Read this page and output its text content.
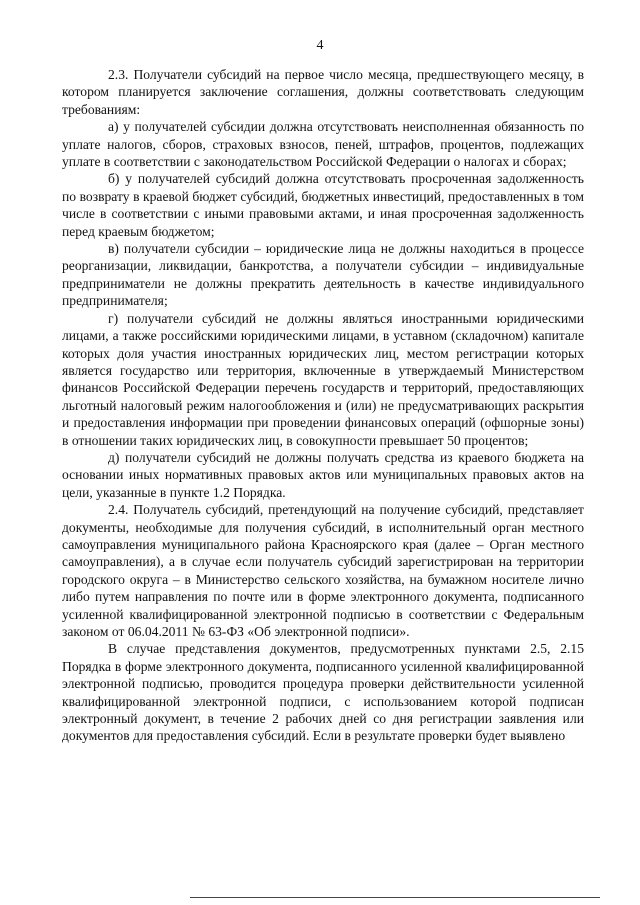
4

2.3. Получатели субсидий на первое число месяца, предшествующего месяцу, в котором планируется заключение соглашения, должны соответствовать следующим требованиям:

а) у получателей субсидии должна отсутствовать неисполненная обязанность по уплате налогов, сборов, страховых взносов, пеней, штрафов, процентов, подлежащих уплате в соответствии с законодательством Российской Федерации о налогах и сборах;

б) у получателей субсидий должна отсутствовать просроченная задолженность по возврату в краевой бюджет субсидий, бюджетных инвестиций, предоставленных в том числе в соответствии с иными правовыми актами, и иная просроченная задолженность перед краевым бюджетом;

в) получатели субсидии – юридические лица не должны находиться в процессе реорганизации, ликвидации, банкротства, а получатели субсидии – индивидуальные предприниматели не должны прекратить деятельность в качестве индивидуального предпринимателя;

г) получатели субсидий не должны являться иностранными юридическими лицами, а также российскими юридическими лицами, в уставном (складочном) капитале которых доля участия иностранных юридических лиц, местом регистрации которых является государство или территория, включенные в утверждаемый Министерством финансов Российской Федерации перечень государств и территорий, предоставляющих льготный налоговый режим налогообложения и (или) не предусматривающих раскрытия и предоставления информации при проведении финансовых операций (офшорные зоны) в отношении таких юридических лиц, в совокупности превышает 50 процентов;

д) получатели субсидий не должны получать средства из краевого бюджета на основании иных нормативных правовых актов или муниципальных правовых актов на цели, указанные в пункте 1.2 Порядка.

2.4. Получатель субсидий, претендующий на получение субсидий, представляет документы, необходимые для получения субсидий, в исполнительный орган местного самоуправления муниципального района Красноярского края (далее – Орган местного самоуправления), а в случае если получатель субсидий зарегистрирован на территории городского округа – в Министерство сельского хозяйства, на бумажном носителе лично либо путем направления по почте или в форме электронного документа, подписанного усиленной квалифицированной электронной подписью в соответствии с Федеральным законом от 06.04.2011 № 63-ФЗ «Об электронной подписи».

В случае представления документов, предусмотренных пунктами 2.5, 2.15 Порядка в форме электронного документа, подписанного усиленной квалифицированной электронной подписью, проводится процедура проверки действительности усиленной квалифицированной электронной подписи, с использованием которой подписан электронный документ, в течение 2 рабочих дней со дня регистрации заявления или документов для предоставления субсидий. Если в результате проверки будет выявлено
